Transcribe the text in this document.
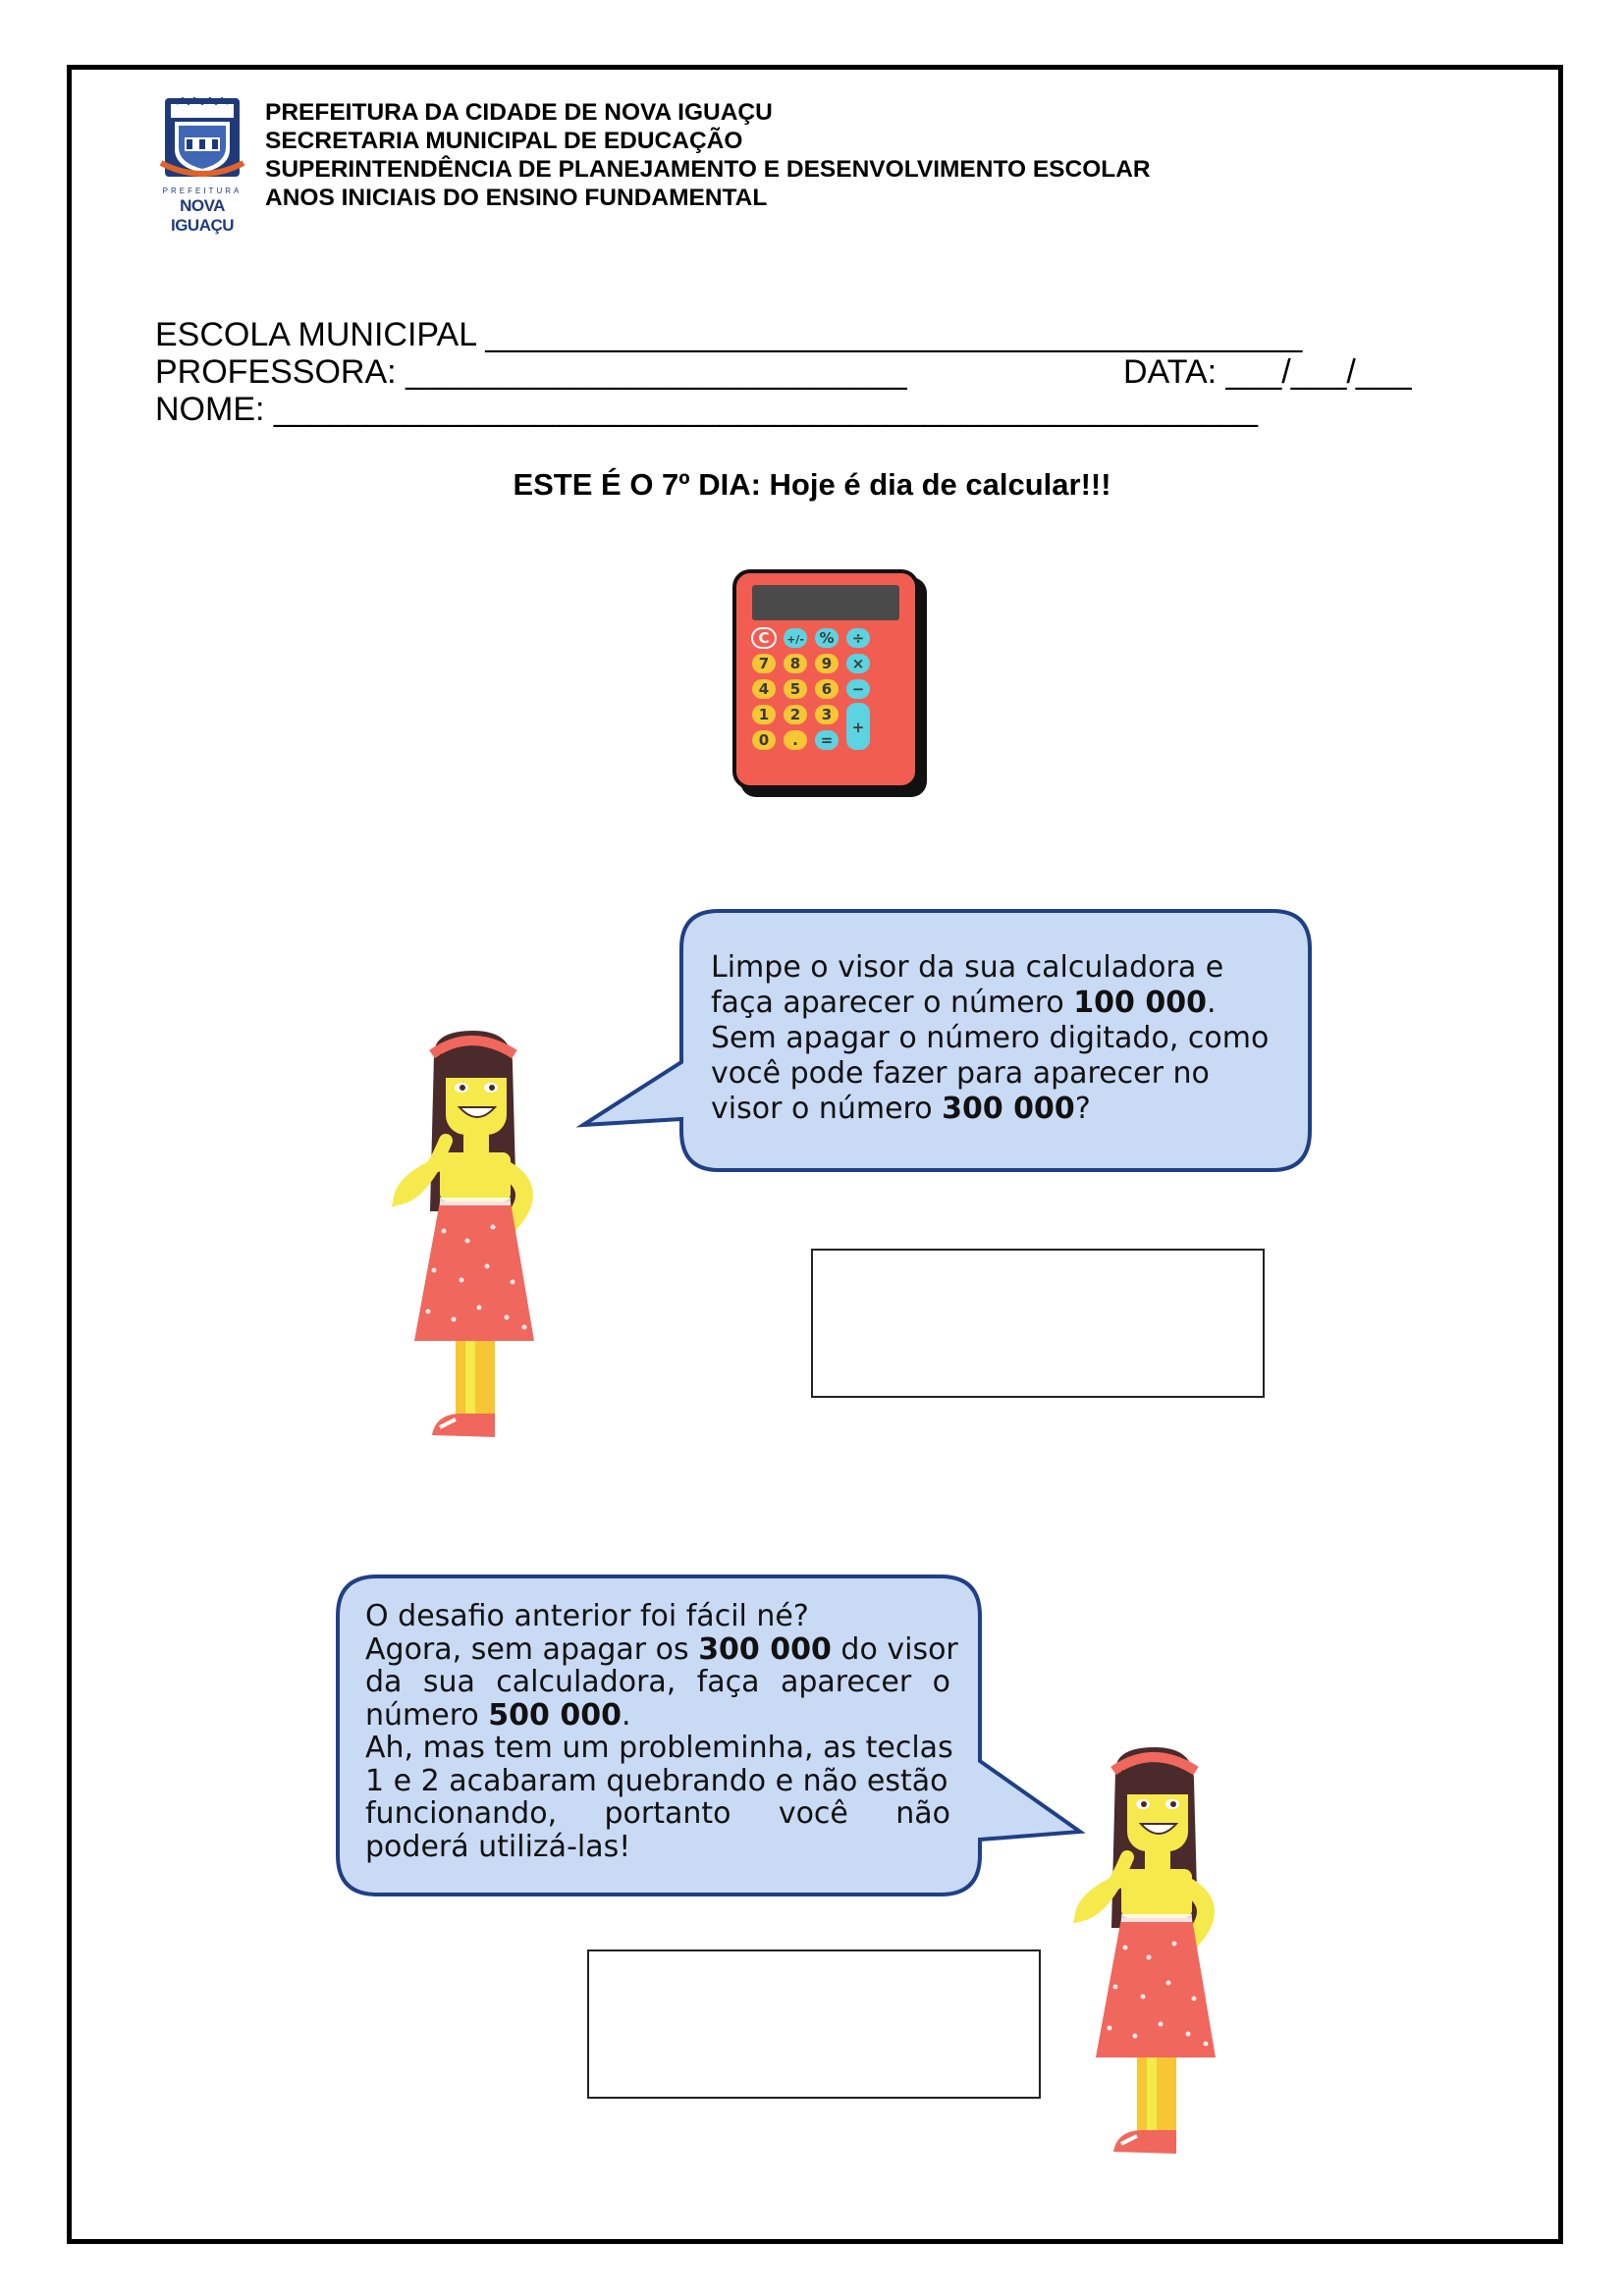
PREFEITURA
NOVA IGUAÇU
PREFEITURA DA CIDADE DE NOVA IGUAÇU
SECRETARIA MUNICIPAL DE EDUCAÇÃO
SUPERINTENDÊNCIA DE PLANEJAMENTO E DESENVOLVIMENTO ESCOLAR
ANOS INICIAIS DO ENSINO FUNDAMENTAL
ESCOLA MUNICIPAL ____________________________________________
PROFESSORA: ___________________________	DATA: ___/___/___
NOME: _____________________________________________________
ESTE É O 7º DIA: Hoje é dia de calcular!!!
C +/- % ÷
7 8 9 ×
4 5 6 −
1 2 3
+
0 . =
Limpe o visor da sua calculadora e
faça aparecer o número 100 000.
Sem apagar o número digitado, como
você pode fazer para aparecer no
visor o número 300 000?
O desafio anterior foi fácil né?
Agora, sem apagar os 300 000 do visor
da sua calculadora, faça aparecer o
número 500 000.
Ah, mas tem um probleminha, as teclas
1 e 2 acabaram quebrando e não estão
funcionando, portanto você não
poderá utilizá-las!
